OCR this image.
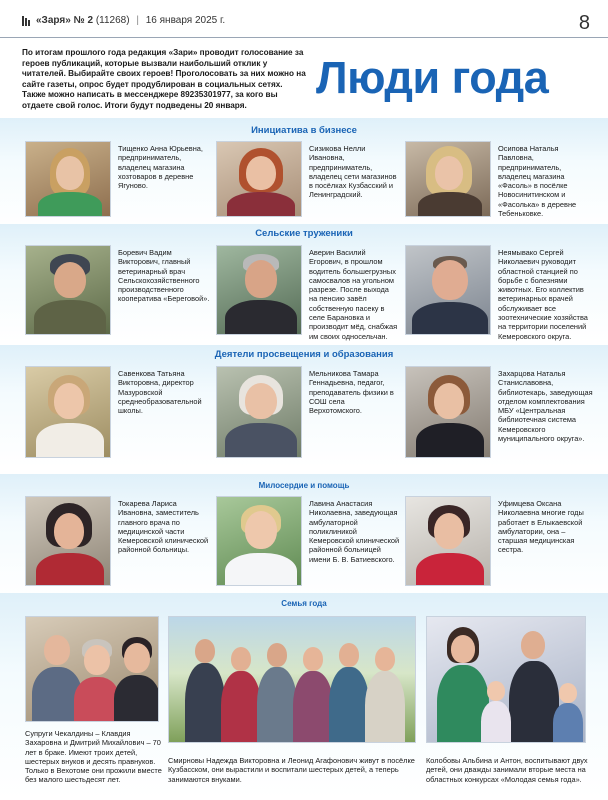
«Заря» № 2 (11268) | 16 января 2025 г.	8
По итогам прошлого года редакция «Зари» проводит голосование за героев публикаций, которые вызвали наибольший отклик у читателей. Выбирайте своих героев! Проголосовать за них можно на сайте газеты, опрос будет продублирован в социальных сетях. Также можно написать в мессенджере 89235301977, за кого вы отдаете свой голос. Итоги будут подведены 20 января.
Люди года
Инициатива в бизнесе
Тищенко Анна Юрьевна, предприниматель, владелец магазина хозтоваров в деревне Ягуново.
Сизикова Нелли Ивановна, предприниматель, владелец сети магазинов в посёлках Кузбасский и Ленинградский.
Осипова Наталья Павловна, предприниматель, владелец магазина «Фасоль» в посёлке Новосинитинском и «Фасолька» в деревне Тебеньковке.
Сельские труженики
Боревич Вадим Викторович, главный ветеринарный врач Сельскохозяйственного производственного кооператива «Береговой».
Аверин Василий Егорович, в прошлом водитель большегрузных самосвалов на угольном разрезе. После выхода на пенсию завёл собственную пасеку в селе Барановка и производит мёд, снабжая им своих односельчан.
Неямывако Сергей Николаевич руководит областной станцией по борьбе с болезнями животных. Его коллектив ветеринарных врачей обслуживает все зоотехнические хозяйства на территории поселений Кемеровского округа.
Деятели просвещения и образования
Савенкова Татьяна Викторовна, директор Мазуровской среднеобразовательной школы.
Мельникова Тамара Геннадьевна, педагог, преподаватель физики в СОШ села Верхотомского.
Захарцова Наталья Станиславовна, библиотекарь, заведующая отделом комплектования МБУ «Центральная библиотечная система Кемеровского муниципального округа».
Милосердие и помощь
Токарева Лариса Ивановна, заместитель главного врача по медицинской части Кемеровской клинической районной больницы.
Лавина Анастасия Николаевна, заведующая амбулаторной поликлиникой Кемеровской клинической районной больницей имени Б. В. Батиевского.
Уфимцева Оксана Николаевна многие годы работает в Елыкаевской амбулатории, она – старшая медицинская сестра.
Семья года
Супруги Чекалдины – Клавдия Захаровна и Дмитрий Михайлович – 70 лет в браке. Имеют троих детей, шестерых внуков и десять правнуков. Только в Вехотоме они прожили вместе без малого шестьдесят лет.
Смирновы Надежда Викторовна и Леонид Агафонович живут в посёлке Кузбасском, они вырастили и воспитали шестерых детей, а теперь занимаются внуками.
Колобовы Альбина и Антон, воспитывают двух детей, они дважды занимали вторые места на областных конкурсах «Молодая семья года».
